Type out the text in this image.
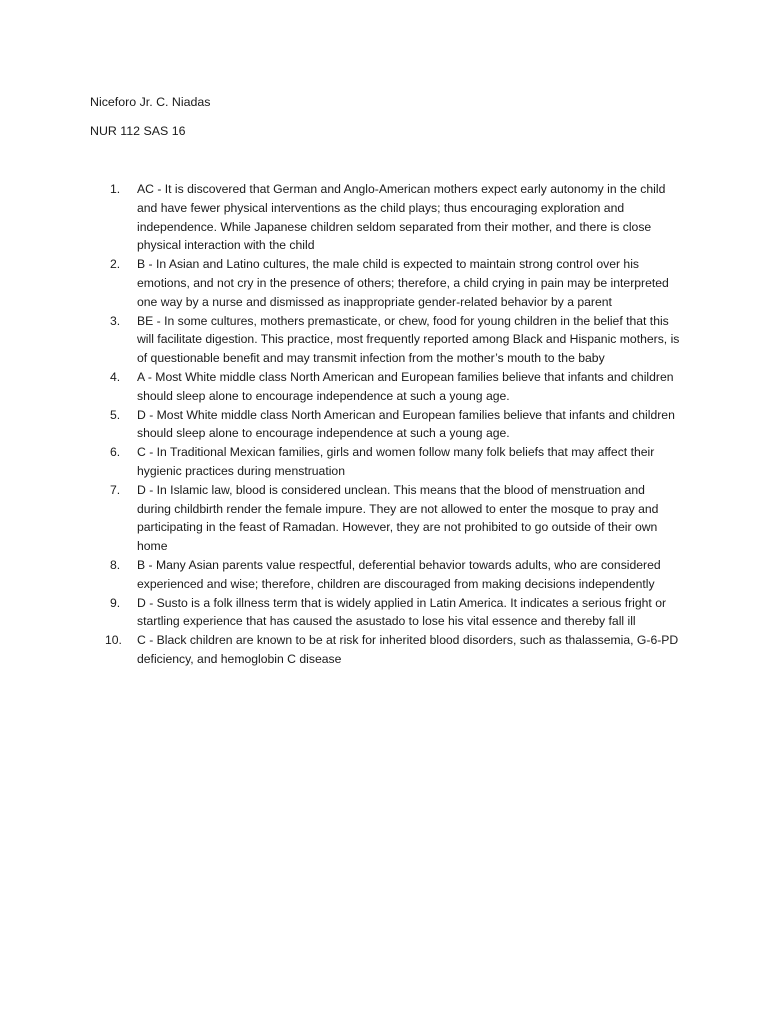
Niceforo Jr. C. Niadas
NUR 112 SAS 16
1. AC - It is discovered that German and Anglo-American mothers expect early autonomy in the child and have fewer physical interventions as the child plays; thus encouraging exploration and independence. While Japanese children seldom separated from their mother, and there is close physical interaction with the child
2. B - In Asian and Latino cultures, the male child is expected to maintain strong control over his emotions, and not cry in the presence of others; therefore, a child crying in pain may be interpreted one way by a nurse and dismissed as inappropriate gender-related behavior by a parent
3. BE - In some cultures, mothers premasticate, or chew, food for young children in the belief that this will facilitate digestion. This practice, most frequently reported among Black and Hispanic mothers, is of questionable benefit and may transmit infection from the mother’s mouth to the baby
4. A - Most White middle class North American and European families believe that infants and children should sleep alone to encourage independence at such a young age.
5. D - Most White middle class North American and European families believe that infants and children should sleep alone to encourage independence at such a young age.
6. C - In Traditional Mexican families, girls and women follow many folk beliefs that may affect their hygienic practices during menstruation
7. D - In Islamic law, blood is considered unclean. This means that the blood of menstruation and during childbirth render the female impure. They are not allowed to enter the mosque to pray and participating in the feast of Ramadan. However, they are not prohibited to go outside of their own home
8. B - Many Asian parents value respectful, deferential behavior towards adults, who are considered experienced and wise; therefore, children are discouraged from making decisions independently
9. D - Susto is a folk illness term that is widely applied in Latin America. It indicates a serious fright or startling experience that has caused the asustado to lose his vital essence and thereby fall ill
10. C - Black children are known to be at risk for inherited blood disorders, such as thalassemia, G-6-PD deficiency, and hemoglobin C disease
